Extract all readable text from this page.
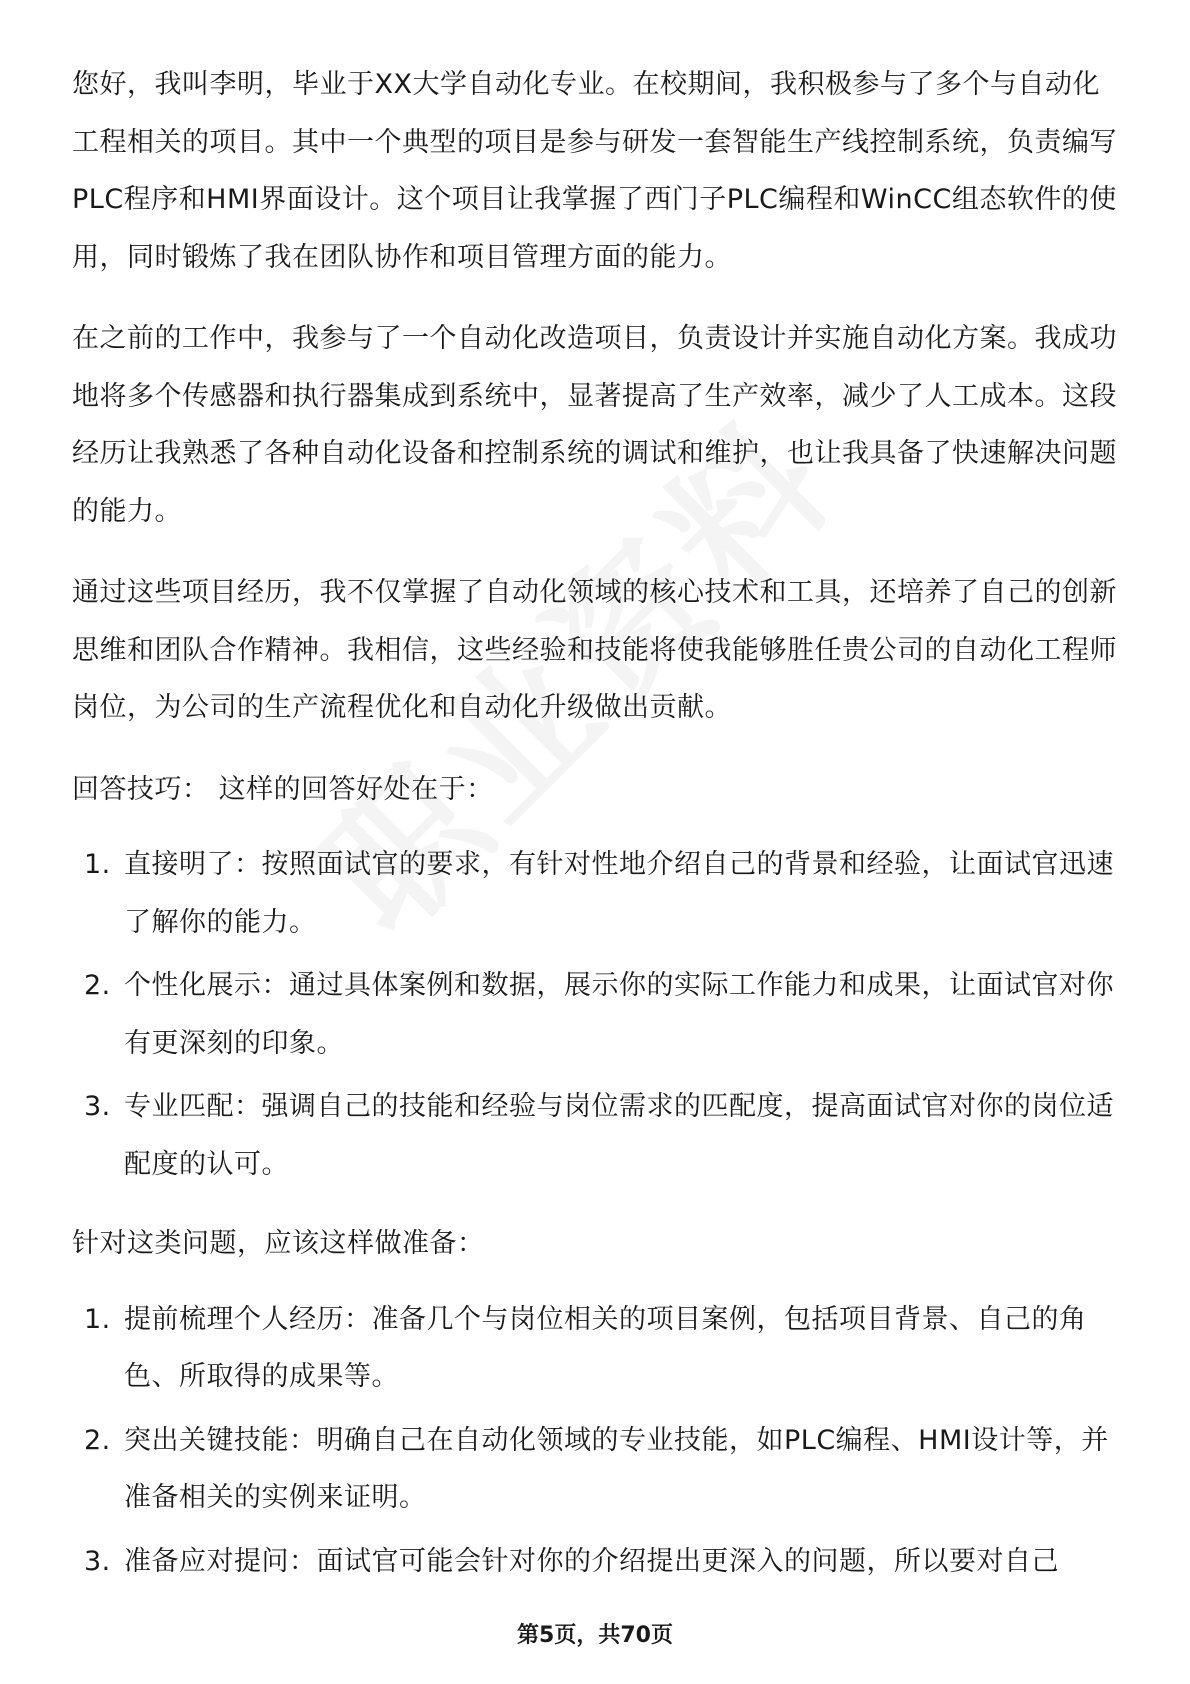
您好，我叫李明，毕业于XX大学自动化专业。在校期间，我积极参与了多个与自动化工程相关的项目。其中一个典型的项目是参与研发一套智能生产线控制系统，负责编写PLC程序和HMI界面设计。这个项目让我掌握了西门子PLC编程和WinCC组态软件的使用，同时锻炼了我在团队协作和项目管理方面的能力。

在之前的工作中，我参与了一个自动化改造项目，负责设计并实施自动化方案。我成功地将多个传感器和执行器集成到系统中，显著提高了生产效率，减少了人工成本。这段经历让我熟悉了各种自动化设备和控制系统的调试和维护，也让我具备了快速解决问题的能力。

通过这些项目经历，我不仅掌握了自动化领域的核心技术和工具，还培养了自己的创新思维和团队合作精神。我相信，这些经验和技能将使我能够胜任贵公司的自动化工程师岗位，为公司的生产流程优化和自动化升级做出贡献。

回答技巧： 这样的回答好处在于：

1. 直接明了：按照面试官的要求，有针对性地介绍自己的背景和经验，让面试官迅速了解你的能力。
2. 个性化展示：通过具体案例和数据，展示你的实际工作能力和成果，让面试官对你有更深刻的印象。
3. 专业匹配：强调自己的技能和经验与岗位需求的匹配度，提高面试官对你的岗位适配度的认可。

针对这类问题，应该这样做准备：

1. 提前梳理个人经历：准备几个与岗位相关的项目案例，包括项目背景、自己的角色、所取得的成果等。
2. 突出关键技能：明确自己在自动化领域的专业技能，如PLC编程、HMI设计等，并准备相关的实例来证明。
3. 准备应对提问：面试官可能会针对你的介绍提出更深入的问题，所以要对自己
第5页，共70页
